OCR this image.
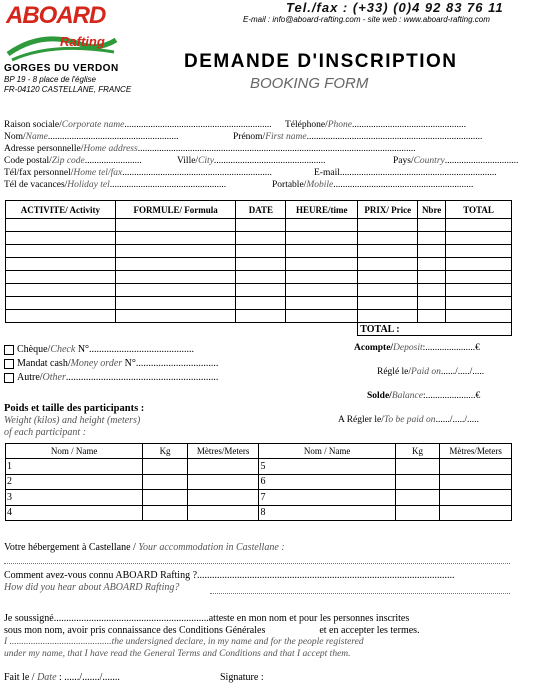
Tel./fax : (+33) (0)4 92 83 76 11
E-mail : info@aboard-rafting.com - site web : www.aboard-rafting.com
ABOARD
Rafting
GORGES DU VERDON
BP 19 - 8 place de l'église
FR-04120 CASTELLANE, FRANCE
DEMANDE D'INSCRIPTION
BOOKING FORM
Raison sociale/Corporate name.............................................................. Téléphone/Phone................................................
Nom/Name.......................................................	Prénom/First name..........................................................................
Adresse personnelle/Home address.....................................................................................................................
Code postal/Zip code........................	Ville/City...............................................	Pays/Country...............................
Tél/fax personnel/Home tel/fax...............................................................	E-mail..................................................................
Tél de vacances/Holiday tel.................................................	Portable/Mobile...........................................................
ACTIVITE/ Activity	FORMULE/ Formula	DATE	HEURE/time	PRIX/ Price	Nbre	TOTAL

				TOTAL :		
Chèque/Check N°..........................................
Mandat cash/Money order N°.................................
Autre/Other.............................................................
Acompte/Deposit:.....................€
Réglé le/Paid on....../...../.....
Solde/Balance:.....................€
A Régler le/To be paid on....../...../.....
Poids et taille des participants :
Weight (kilos) and height (meters)
of each participant :
Nom / Name	Kg	Mètres/Meters	Nom / Name	Kg	Mètres/Meters
1			5		
2			6		
3			7		
4			8		
Votre hébergement à Castellane / Your accommodation in Castellane :
Comment avez-vous connu ABOARD Rafting ?.......................................................................................................
How did you hear about ABOARD Rafting?
Je soussigné..............................................................atteste en mon nom et pour les personnes inscrites
sous mon nom, avoir pris connaissance des Conditions Générales	et en accepter les termes.
I ...........................................the undersigned declare, in my name and for the people registered
under my name, that I have read the General Terms and Conditions and that I accept them.
Fait le / Date : ....../......./.......	Signature :
